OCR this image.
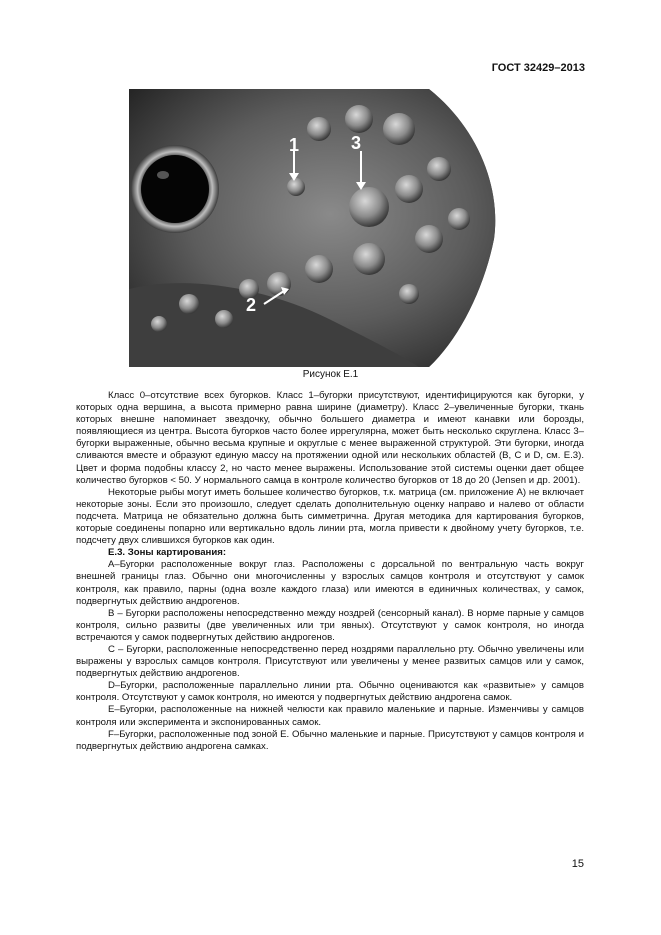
ГОСТ 32429–2013
1
2
3
Рисунок Е.1

Класс 0–отсутствие всех бугорков. Класс 1–бугорки присутствуют, идентифицируются как бугорки, у которых одна вершина, а высота примерно равна ширине (диаметру). Класс 2–увеличенные бугорки, ткань которых внешне напоминает звездочку, обычно большего диаметра и имеют канавки или борозды, появляющиеся из центра. Высота бугорков часто более иррегулярна, может быть несколько скруглена. Класс 3–бугорки выраженные, обычно весьма крупные и округлые с менее выраженной структурой. Эти бугорки, иногда сливаются вместе и образуют единую массу на протяжении одной или нескольких областей (B, C и D, см. Е.3). Цвет и форма подобны классу 2, но часто менее выражены. Использование этой системы оценки дает общее количество бугорков < 50. У нормального самца в контроле количество бугорков от 18 до 20 (Jensen и др. 2001).

Некоторые рыбы могут иметь большее количество бугорков, т.к. матрица (см. приложение А) не включает некоторые зоны. Если это произошло, следует сделать дополнительную оценку направо и налево от области подсчета. Матрица не обязательно должна быть симметрична. Другая методика для картирования бугорков, которые соединены попарно или вертикально вдоль линии рта, могла привести к двойному учету бугорков, т.е. подсчету двух слившихся бугорков как один.

Е.3. Зоны картирования:

А–Бугорки расположенные вокруг глаз. Расположены с дорсальной по вентральную часть вокруг внешней границы глаз. Обычно они многочисленны у взрослых самцов контроля и отсутствуют у самок контроля, как правило, парны (одна возле каждого глаза) или имеются в единичных количествах, у самок, подвергнутых действию андрогенов.

В – Бугорки расположены непосредственно между ноздрей (сенсорный канал). В норме парные у самцов контроля, сильно развиты (две увеличенных или три явных). Отсутствуют у самок контроля, но иногда встречаются у самок подвергнутых действию андрогенов.

С – Бугорки, расположенные непосредственно перед ноздрями параллельно рту. Обычно увеличены или выражены у взрослых самцов контроля. Присутствуют или увеличены у менее развитых самцов или у самок, подвергнутых действию андрогенов.

D–Бугорки, расположенные параллельно линии рта. Обычно оцениваются как «развитые» у самцов контроля. Отсутствуют у самок контроля, но имеются у подвергнутых действию андрогена самок.

Е–Бугорки, расположенные на нижней челюсти как правило маленькие и парные. Изменчивы у самцов контроля или эксперимента и экспонированных самок.

F–Бугорки, расположенные под зоной Е. Обычно маленькие и парные. Присутствуют у самцов контроля и подвергнутых действию андрогена самках.

15
